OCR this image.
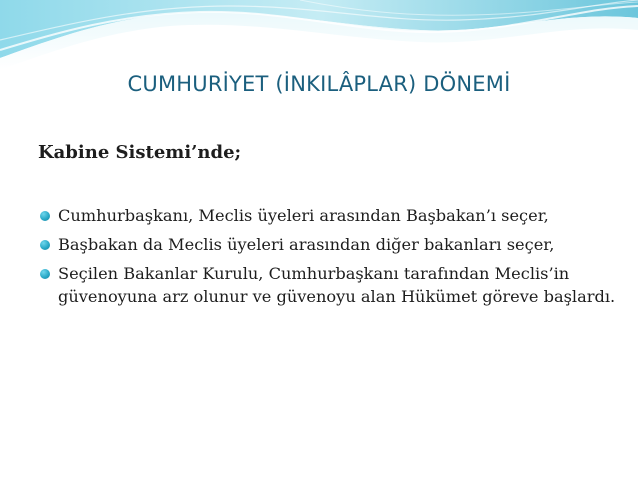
CUMHURİYET (İNKILÂPLAR) DÖNEMİ
Kabine Sistemi’nde;
Cumhurbaşkanı, Meclis üyeleri arasından Başbakan’ı seçer,
Başbakan da Meclis üyeleri arasından diğer bakanları seçer,
Seçilen Bakanlar Kurulu, Cumhurbaşkanı tarafından Meclis’in güvenoyuna arz olunur ve güvenoyu alan Hükümet göreve başlardı.
